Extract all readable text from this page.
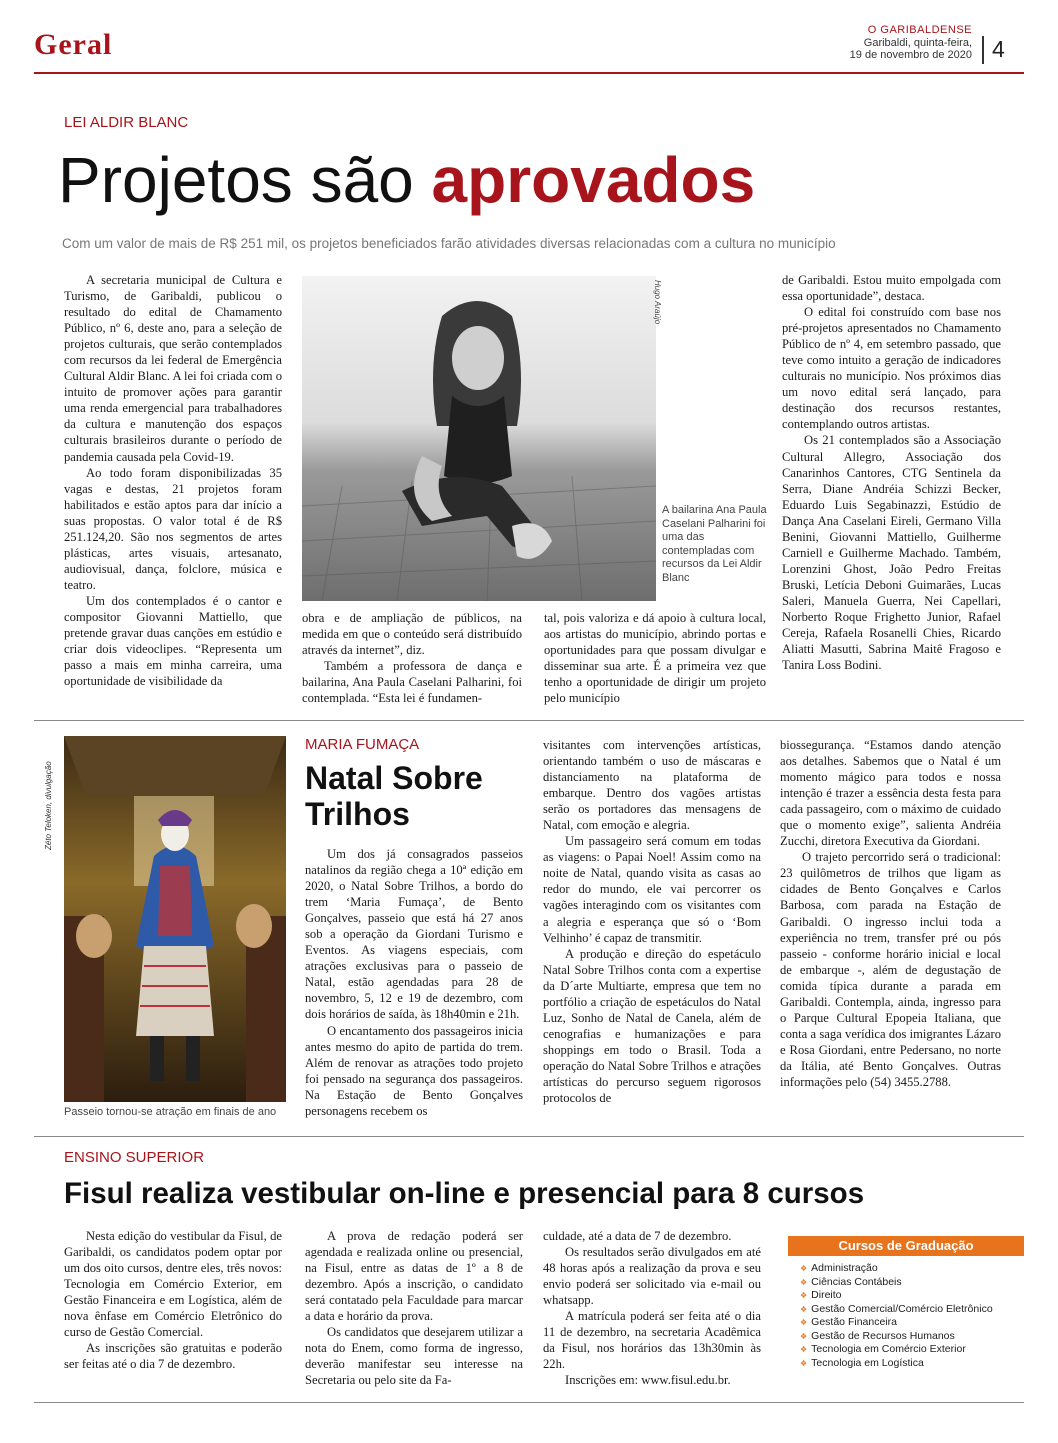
Geral	O GARIBALDENSE
Garibaldi, quinta-feira,
19 de novembro de 2020 4
LEI ALDIR BLANC
Projetos são aprovados
Com um valor de mais de R$ 251 mil, os projetos beneficiados farão atividades diversas relacionadas com a cultura no município

A secretaria municipal de Cultura e Turismo, de Garibaldi, publicou o resultado do edital de Chamamento Público, nº 6, deste ano, para a seleção de projetos culturais, que serão contemplados com recursos da lei federal de Emergência Cultural Aldir Blanc. A lei foi criada com o intuito de promover ações para garantir uma renda emergencial para trabalhadores da cultura e manutenção dos espaços culturais brasileiros durante o período de pandemia causada pela Covid-19.

Ao todo foram disponibilizadas 35 vagas e destas, 21 projetos foram habilitados e estão aptos para dar início a suas propostas. O valor total é de R$ 251.124,20. São nos segmentos de artes plásticas, artes visuais, artesanato, audiovisual, dança, folclore, música e teatro.

Um dos contemplados é o cantor e compositor Giovanni Mattiello, que pretende gravar duas canções em estúdio e criar dois videoclipes. “Representa um passo a mais em minha carreira, uma oportunidade de visibilidade da

Hugo Araújo
A bailarina Ana Paula Caselani Palharini foi uma das contempladas com recursos da Lei Aldir Blanc

obra e de ampliação de públicos, na medida em que o conteúdo será distribuído através da internet”, diz.

Também a professora de dança e bailarina, Ana Paula Caselani Palharini, foi contemplada. “Esta lei é fundamen-

tal, pois valoriza e dá apoio à cultura local, aos artistas do município, abrindo portas e oportunidades para que possam divulgar e disseminar sua arte. É a primeira vez que tenho a oportunidade de dirigir um projeto pelo município

de Garibaldi. Estou muito empolgada com essa oportunidade”, destaca.

O edital foi construído com base nos pré-projetos apresentados no Chamamento Público de nº 4, em setembro passado, que teve como intuito a geração de indicadores culturais no município. Nos próximos dias um novo edital será lançado, para destinação dos recursos restantes, contemplando outros artistas.

Os 21 contemplados são a Associação Cultural Allegro, Associação dos Canarinhos Cantores, CTG Sentinela da Serra, Diane Andréia Schizzi Becker, Eduardo Luis Segabinazzi, Estúdio de Dança Ana Caselani Eireli, Germano Villa Benini, Giovanni Mattiello, Guilherme Carniell e Guilherme Machado. Também, Lorenzini Ghost, João Pedro Freitas Bruski, Letícia Deboni Guimarães, Lucas Saleri, Manuela Guerra, Nei Capellari, Norberto Roque Frighetto Junior, Rafael Cereja, Rafaela Rosanelli Chies, Ricardo Aliatti Masutti, Sabrina Maitê Fragoso e Tanira Loss Bodini.

Zéto Teloken, divulgação
Passeio tornou-se atração em finais de ano
MARIA FUMAÇA
Natal Sobre Trilhos

Um dos já consagrados passeios natalinos da região chega a 10ª edição em 2020, o Natal Sobre Trilhos, a bordo do trem ‘Maria Fumaça’, de Bento Gonçalves, passeio que está há 27 anos sob a operação da Giordani Turismo e Eventos. As viagens especiais, com atrações exclusivas para o passeio de Natal, estão agendadas para 28 de novembro, 5, 12 e 19 de dezembro, com dois horários de saída, às 18h40min e 21h.

O encantamento dos passageiros inicia antes mesmo do apito de partida do trem. Além de renovar as atrações todo projeto foi pensado na segurança dos passageiros. Na Estação de Bento Gonçalves personagens recebem os

visitantes com intervenções artísticas, orientando também o uso de máscaras e distanciamento na plataforma de embarque. Dentro dos vagões artistas serão os portadores das mensagens de Natal, com emoção e alegria.

Um passageiro será comum em todas as viagens: o Papai Noel! Assim como na noite de Natal, quando visita as casas ao redor do mundo, ele vai percorrer os vagões interagindo com os visitantes com a alegria e esperança que só o ‘Bom Velhinho’ é capaz de transmitir.

A produção e direção do espetáculo Natal Sobre Trilhos conta com a expertise da D´arte Multiarte, empresa que tem no portfólio a criação de espetáculos do Natal Luz, Sonho de Natal de Canela, além de cenografias e humanizações e para shoppings em todo o Brasil. Toda a operação do Natal Sobre Trilhos e atrações artísticas do percurso seguem rigorosos protocolos de

biossegurança. “Estamos dando atenção aos detalhes. Sabemos que o Natal é um momento mágico para todos e nossa intenção é trazer a essência desta festa para cada passageiro, com o máximo de cuidado que o momento exige”, salienta Andréia Zucchi, diretora Executiva da Giordani.

O trajeto percorrido será o tradicional: 23 quilômetros de trilhos que ligam as cidades de Bento Gonçalves e Carlos Barbosa, com parada na Estação de Garibaldi. O ingresso inclui toda a experiência no trem, transfer pré ou pós passeio - conforme horário inicial e local de embarque -, além de degustação de comida típica durante a parada em Garibaldi. Contempla, ainda, ingresso para o Parque Cultural Epopeia Italiana, que conta a saga verídica dos imigrantes Lázaro e Rosa Giordani, entre Pedersano, no norte da Itália, até Bento Gonçalves. Outras informações pelo (54) 3455.2788.

ENSINO SUPERIOR
Fisul realiza vestibular on-line e presencial para 8 cursos

Nesta edição do vestibular da Fisul, de Garibaldi, os candidatos podem optar por um dos oito cursos, dentre eles, três novos: Tecnologia em Comércio Exterior, em Gestão Financeira e em Logística, além de nova ênfase em Comércio Eletrônico do curso de Gestão Comercial.

As inscrições são gratuitas e poderão ser feitas até o dia 7 de dezembro.

A prova de redação poderá ser agendada e realizada online ou presencial, na Fisul, entre as datas de 1º a 8 de dezembro. Após a inscrição, o candidato será contatado pela Faculdade para marcar a data e horário da prova.

Os candidatos que desejarem utilizar a nota do Enem, como forma de ingresso, deverão manifestar seu interesse na Secretaria ou pelo site da Fa-

culdade, até a data de 7 de dezembro.

Os resultados serão divulgados em até 48 horas após a realização da prova e seu envio poderá ser solicitado via e-mail ou whatsapp.

A matrícula poderá ser feita até o dia 11 de dezembro, na secretaria Acadêmica da Fisul, nos horários das 13h30min às 22h.

Inscrições em: www.fisul.edu.br.

Cursos de Graduação
❖ Administração
❖ Ciências Contábeis
❖ Direito
❖ Gestão Comercial/Comércio Eletrônico
❖ Gestão Financeira
❖ Gestão de Recursos Humanos
❖ Tecnologia em Comércio Exterior
❖ Tecnologia em Logística
